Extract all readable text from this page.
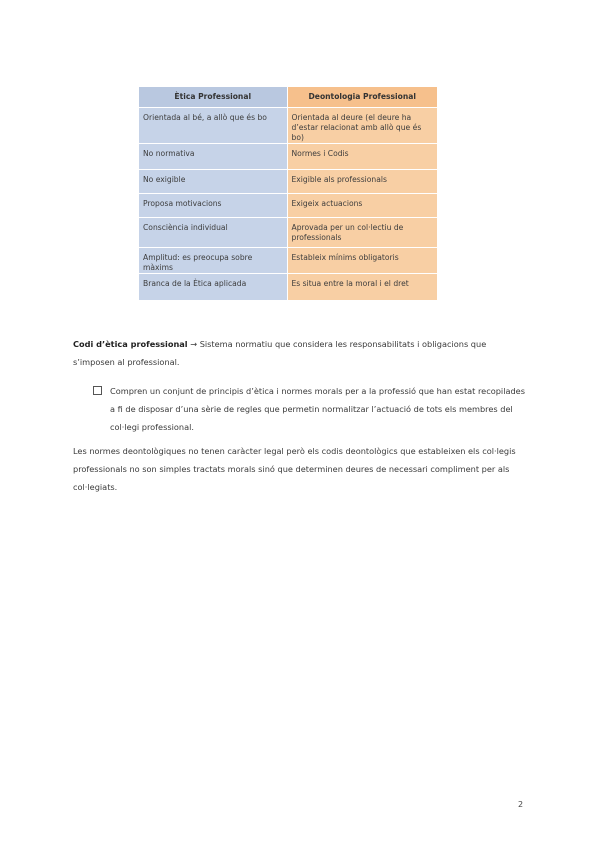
Ètica Professional	Deontologia Professional
Orientada al bé, a allò que és bo	Orientada al deure (el deure ha d’estar relacionat amb allò que és bo)
No normativa	Normes i Codis
No exigible	Exigible als professionals
Proposa motivacions	Exigeix actuacions
Consciència individual	Aprovada per un col·lectiu de professionals
Amplitud: es preocupa sobre màxims	Estableix mínims obligatoris
Branca de la Ètica aplicada	Es situa entre la moral i el dret

Codi d’ètica professional → Sistema normatiu que considera les responsabilitats i obligacions que s’imposen al professional.

Compren un conjunt de principis d’ètica i normes morals per a la professió que han estat recopilades a fi de disposar d’una sèrie de regles que permetin normalitzar l’actuació de tots els membres del col·legi professional.

Les normes deontològiques no tenen caràcter legal però els codis deontològics que estableixen els col·legis professionals no son simples tractats morals sinó que determinen deures de necessari compliment per als col·legiats.

2
